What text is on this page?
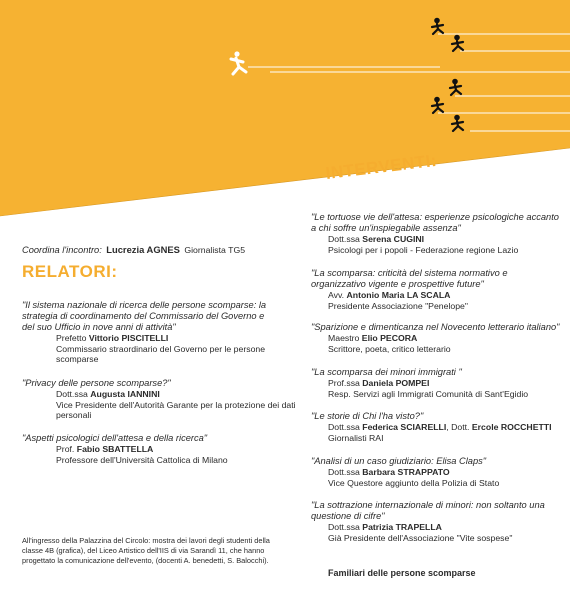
INTERVENTI:
Coordina l'incontro: Lucrezia AGNES Giornalista TG5
RELATORI:
"Il sistema nazionale di ricerca delle persone scomparse: la
strategia di coordinamento del Commissario del Governo e
del suo Ufficio in nove anni di attività"
Prefetto Vittorio PISCITELLI
Commissario straordinario del Governo per le persone
scomparse
"Privacy delle persone scomparse?"
Dott.ssa Augusta IANNINI
Vice Presidente dell'Autorità Garante per la protezione dei dati
personali
"Aspetti psicologici dell'attesa e della ricerca"
Prof. Fabio SBATTELLA
Professore dell'Università Cattolica di Milano
All'ingresso della Palazzina del Circolo: mostra dei lavori degli studenti della
classe 4B (grafica), del Liceo Artistico dell'IIS di via Sarandì 11, che hanno
progettato la comunicazione dell'evento, (docenti A. benedetti, S. Balocchi).
"Le tortuose vie dell'attesa: esperienze psicologiche accanto
a chi soffre un'inspiegabile assenza"
Dott.ssa Serena CUGINI
Psicologi per i popoli - Federazione regione Lazio
"La scomparsa: criticità del sistema normativo e
organizzativo vigente e prospettive future"
Avv. Antonio Maria LA SCALA
Presidente Associazione "Penelope"
"Sparizione e dimenticanza nel Novecento letterario italiano"
Maestro Elio PECORA
Scrittore, poeta, critico letterario
"La scomparsa dei minori immigrati "
Prof.ssa Daniela POMPEI
Resp. Servizi agli Immigrati Comunità di Sant'Egidio
"Le storie di Chi l'ha visto?"
Dott.ssa Federica SCIARELLI, Dott. Ercole ROCCHETTI
Giornalisti RAI
"Analisi di un caso giudiziario: Elisa Claps"
Dott.ssa Barbara STRAPPATO
Vice Questore aggiunto della Polizia di Stato
"La sottrazione internazionale di minori: non soltanto una
questione di cifre"
Dott.ssa Patrizia TRAPELLA
Già Presidente dell'Associazione "Vite sospese"
Familiari delle persone scomparse
